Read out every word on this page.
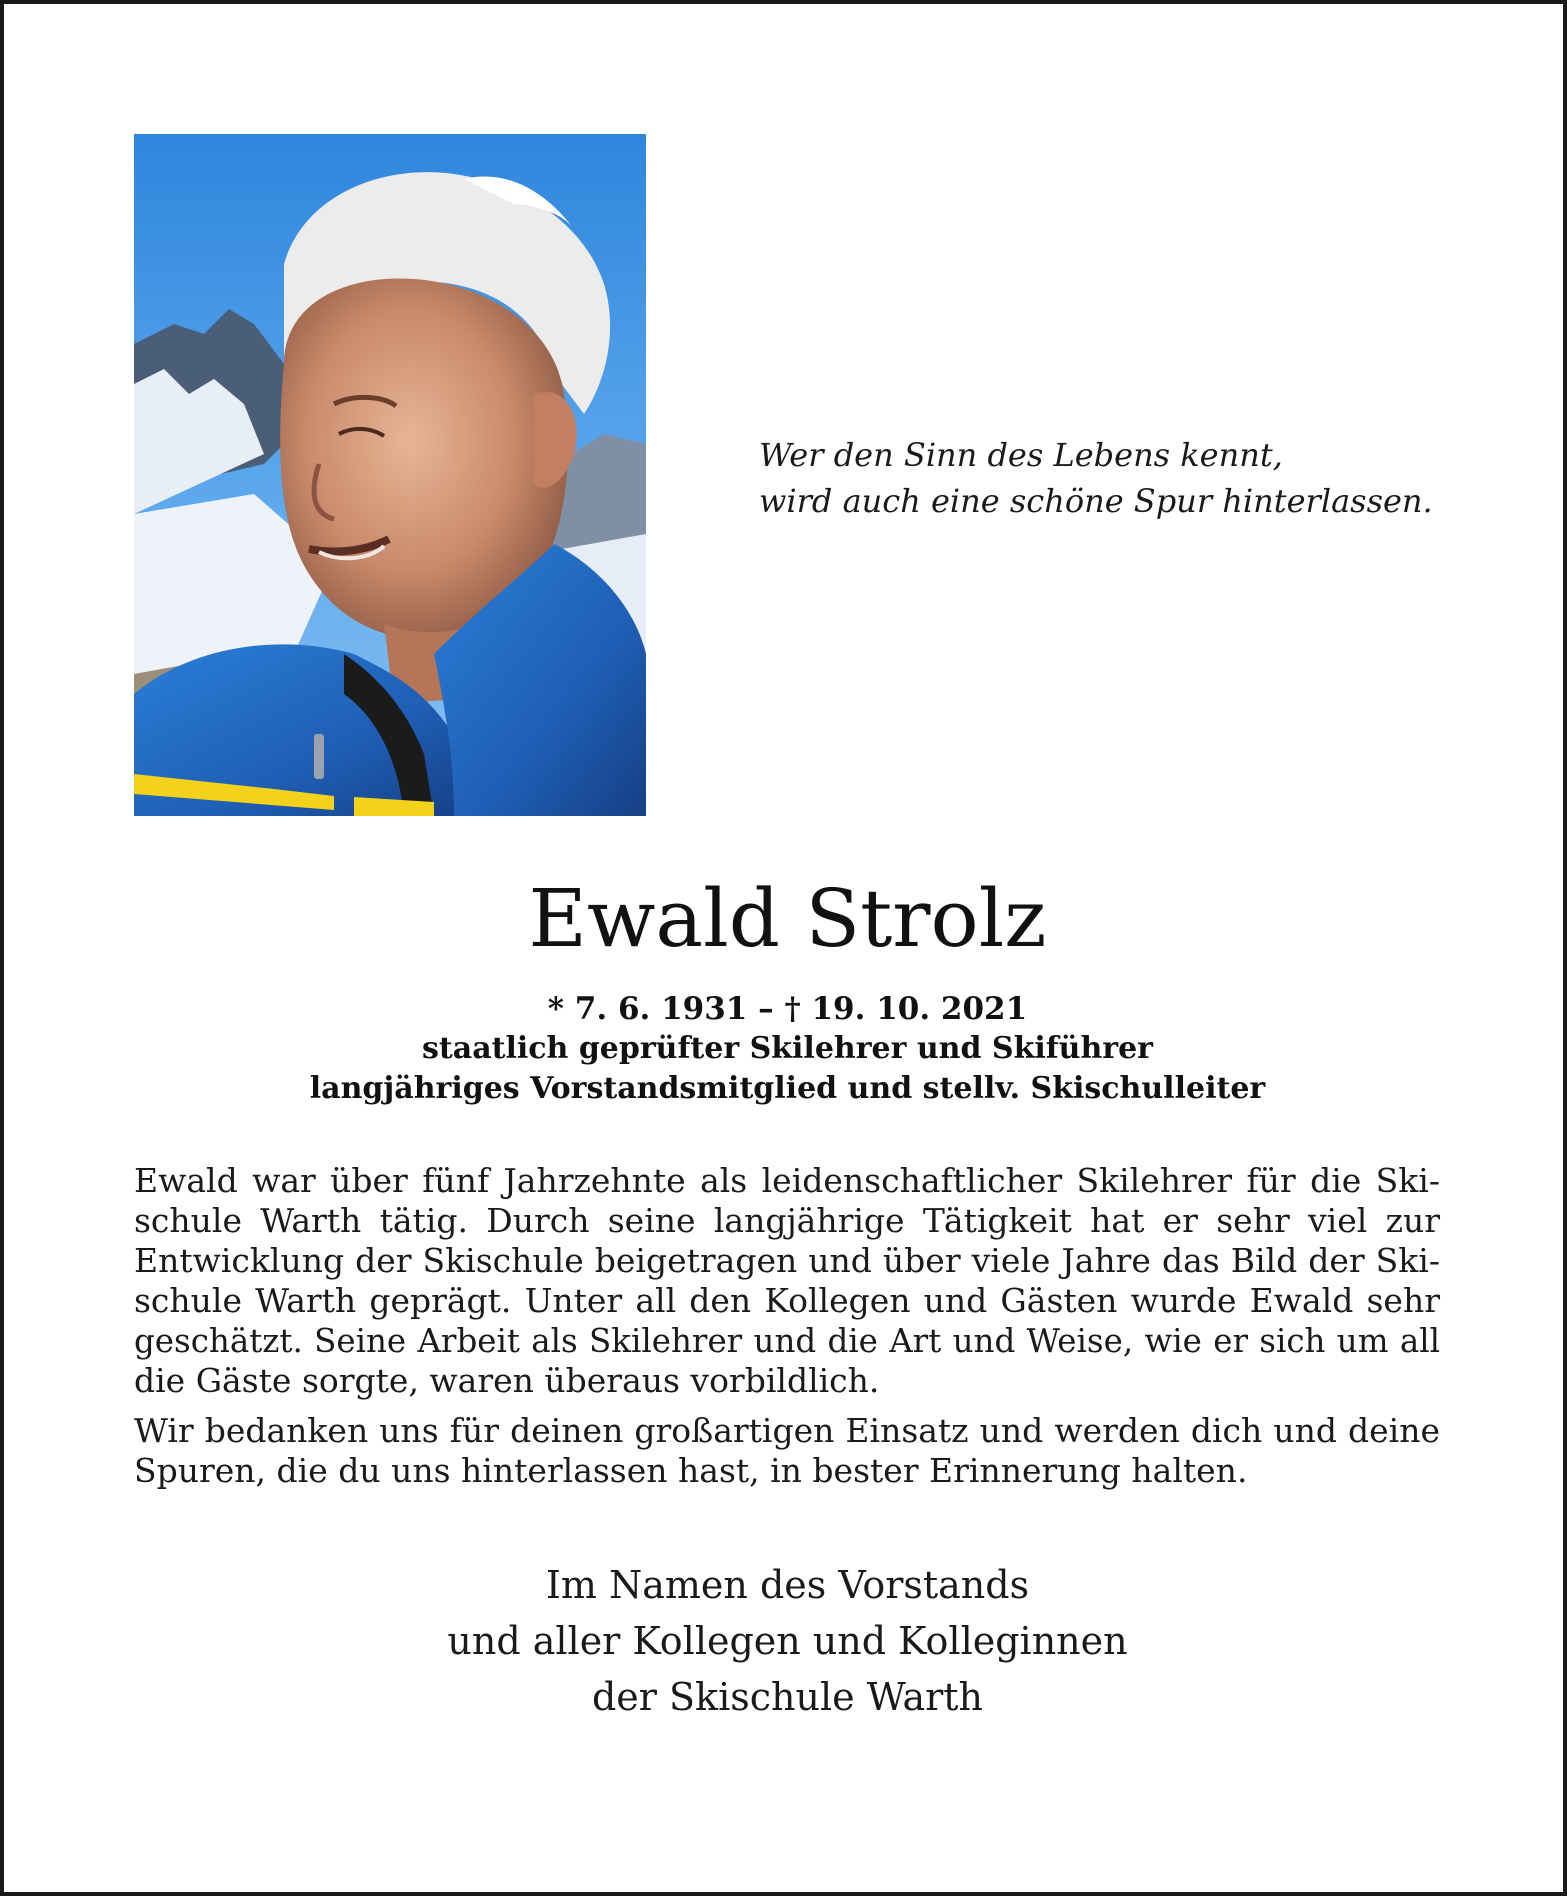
Wer den Sinn des Lebens kennt,
wird auch eine schöne Spur hinterlassen.
Ewald Strolz
* 7. 6. 1931 – † 19. 10. 2021
staatlich geprüfter Skilehrer und Skiführer
langjähriges Vorstandsmitglied und stellv. Skischulleiter
Ewald war über fünf Jahrzehnte als leidenschaftlicher Skilehrer für die Ski-
schule Warth tätig. Durch seine langjährige Tätigkeit hat er sehr viel zur
Entwicklung der Skischule beigetragen und über viele Jahre das Bild der Ski-
schule Warth geprägt. Unter all den Kollegen und Gästen wurde Ewald sehr
geschätzt. Seine Arbeit als Skilehrer und die Art und Weise, wie er sich um all
die Gäste sorgte, waren überaus vorbildlich.
Wir bedanken uns für deinen großartigen Einsatz und werden dich und deine
Spuren, die du uns hinterlassen hast, in bester Erinnerung halten.
Im Namen des Vorstands
und aller Kollegen und Kolleginnen
der Skischule Warth
